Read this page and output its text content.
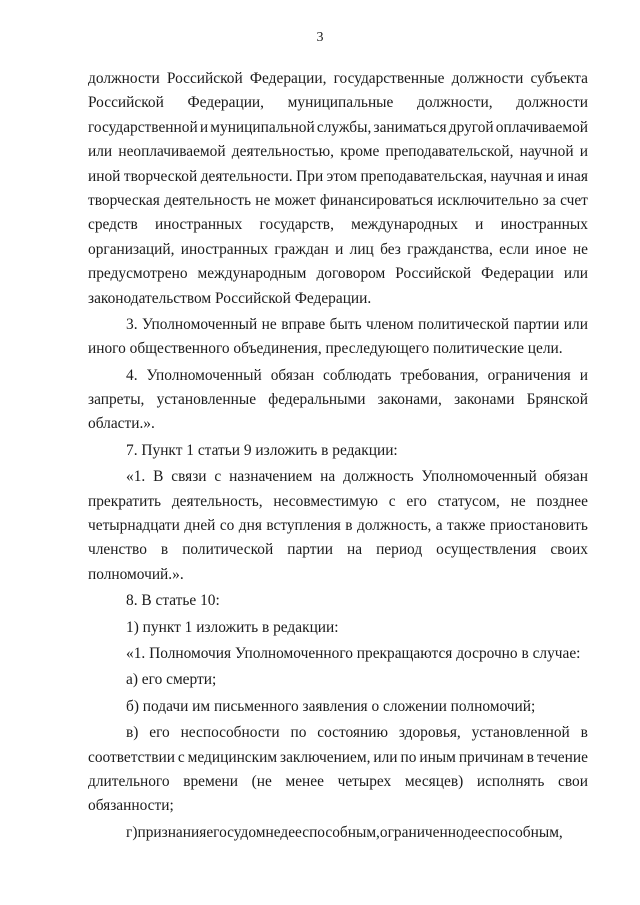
3
должности Российской Федерации, государственные должности субъекта
Российской Федерации, муниципальные должности, должности
государственной и муниципальной службы, заниматься другой оплачиваемой
или неоплачиваемой деятельностью, кроме преподавательской, научной и
иной творческой деятельности. При этом преподавательская, научная и иная
творческая деятельность не может финансироваться исключительно за счет
средств иностранных государств, международных и иностранных
организаций, иностранных граждан и лиц без гражданства, если иное не
предусмотрено международным договором Российской Федерации или
законодательством Российской Федерации.
3. Уполномоченный не вправе быть членом политической партии или
иного общественного объединения, преследующего политические цели.
4. Уполномоченный обязан соблюдать требования, ограничения и
запреты, установленные федеральными законами, законами Брянской
области.».
7. Пункт 1 статьи 9 изложить в редакции:
«1. В связи с назначением на должность Уполномоченный обязан
прекратить деятельность, несовместимую с его статусом, не позднее
четырнадцати дней со дня вступления в должность, а также приостановить
членство в политической партии на период осуществления своих
полномочий.».
8. В статье 10:
1) пункт 1 изложить в редакции:
«1. Полномочия Уполномоченного прекращаются досрочно в случае:
а) его смерти;
б) подачи им письменного заявления о сложении полномочий;
в) его неспособности по состоянию здоровья, установленной в
соответствии с медицинским заключением, или по иным причинам в течение
длительного времени (не менее четырех месяцев) исполнять свои
обязанности;
г)признанияегосудомнедееспособным,ограниченнодееспособным,
